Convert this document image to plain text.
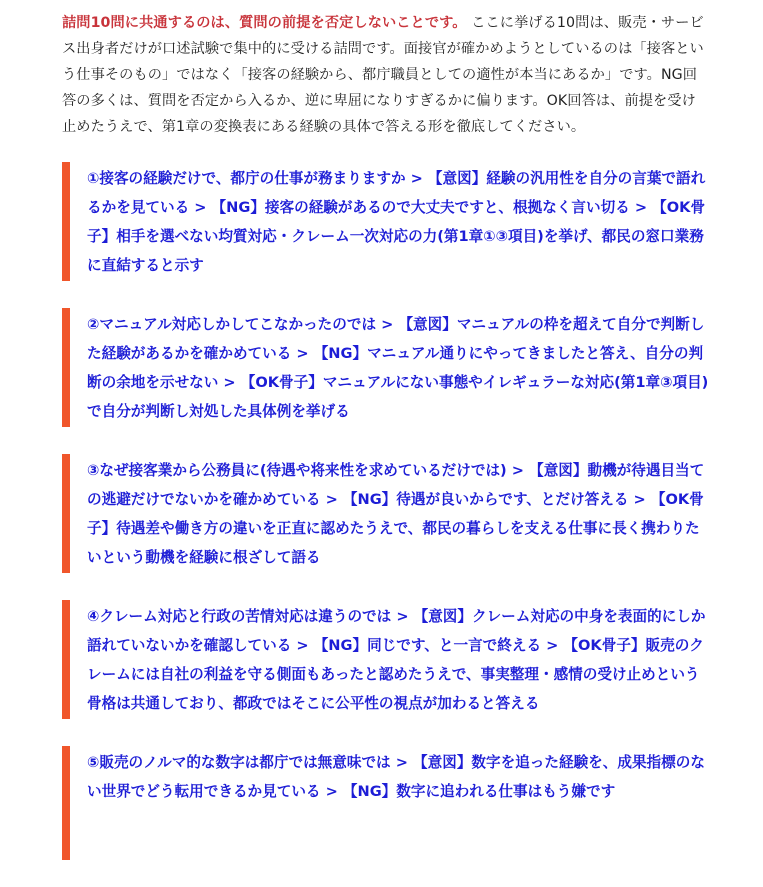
詰問10問に共通するのは、質問の前提を否定しないことです。 ここに挙げる10問は、販売・サービス出身者だけが口述試験で集中的に受ける詰問です。面接官が確かめようとしているのは「接客という仕事そのもの」ではなく「接客の経験から、都庁職員としての適性が本当にあるか」です。NG回答の多くは、質問を否定から入るか、逆に卑屈になりすぎるかに偏ります。OK回答は、前提を受け止めたうえで、第1章の変換表にある経験の具体で答える形を徹底してください。

①接客の経験だけで、都庁の仕事が務まりますか > 【意図】経験の汎用性を自分の言葉で語れるかを見ている > 【NG】接客の経験があるので大丈夫ですと、根拠なく言い切る > 【OK骨子】相手を選べない均質対応・クレーム一次対応の力(第1章①③項目)を挙げ、都民の窓口業務に直結すると示す

②マニュアル対応しかしてこなかったのでは > 【意図】マニュアルの枠を超えて自分で判断した経験があるかを確かめている > 【NG】マニュアル通りにやってきましたと答え、自分の判断の余地を示せない > 【OK骨子】マニュアルにない事態やイレギュラーな対応(第1章③項目)で自分が判断し対処した具体例を挙げる

③なぜ接客業から公務員に(待遇や将来性を求めているだけでは) > 【意図】動機が待遇目当ての逃避だけでないかを確かめている > 【NG】待遇が良いからです、とだけ答える > 【OK骨子】待遇差や働き方の違いを正直に認めたうえで、都民の暮らしを支える仕事に長く携わりたいという動機を経験に根ざして語る

④クレーム対応と行政の苦情対応は違うのでは > 【意図】クレーム対応の中身を表面的にしか語れていないかを確認している > 【NG】同じです、と一言で終える > 【OK骨子】販売のクレームには自社の利益を守る側面もあったと認めたうえで、事実整理・感情の受け止めという骨格は共通しており、都政ではそこに公平性の視点が加わると答える

⑤販売のノルマ的な数字は都庁では無意味では > 【意図】数字を追った経験を、成果指標のない世界でどう転用できるか見ている > 【NG】数字に追われる仕事はもう嫌です
